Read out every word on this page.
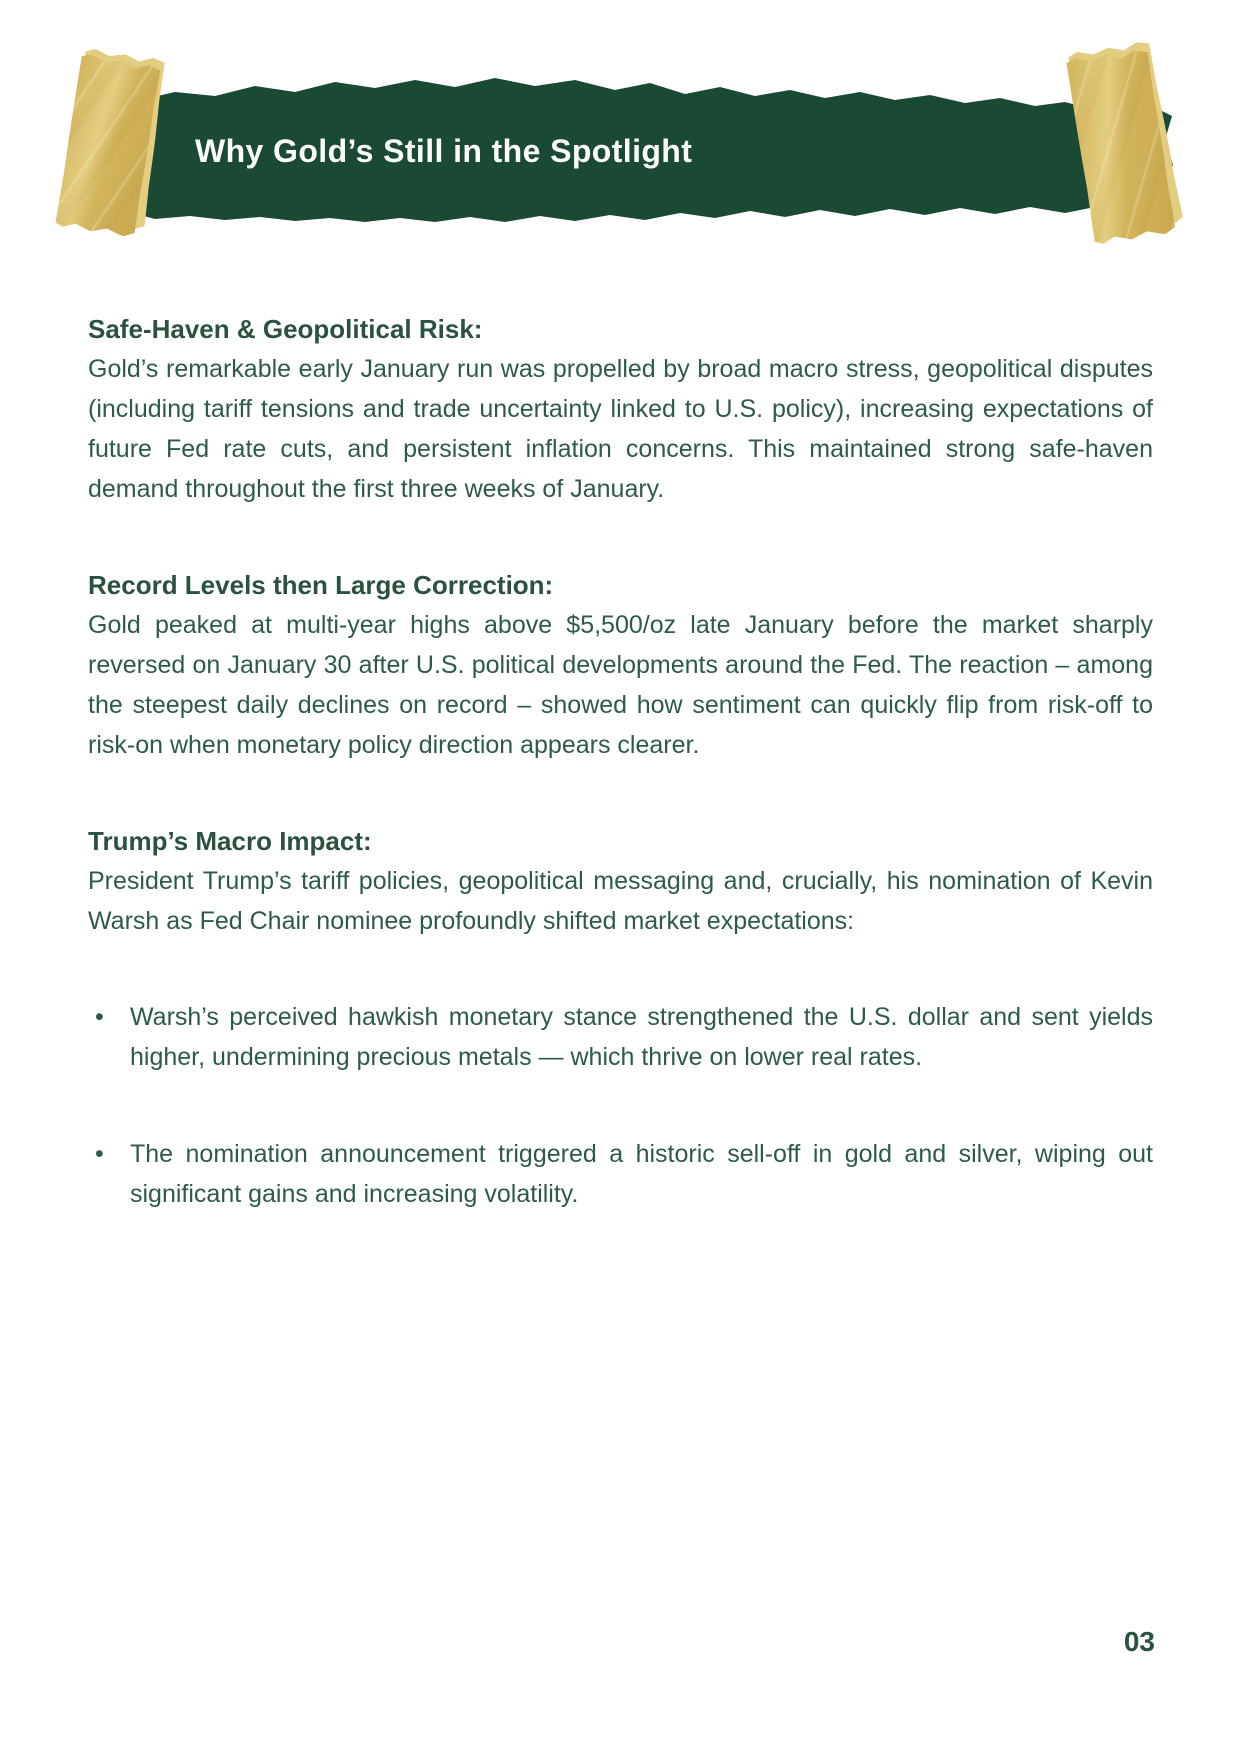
Why Gold’s Still in the Spotlight
Safe-Haven & Geopolitical Risk:

Gold’s remarkable early January run was propelled by broad macro stress, geopolitical disputes (including tariff tensions and trade uncertainty linked to U.S. policy), increasing expectations of future Fed rate cuts, and persistent inflation concerns. This maintained strong safe-haven demand throughout the first three weeks of January.

Record Levels then Large Correction:

Gold peaked at multi-year highs above $5,500/oz late January before the market sharply reversed on January 30 after U.S. political developments around the Fed. The reaction – among the steepest daily declines on record – showed how sentiment can quickly flip from risk-off to risk-on when monetary policy direction appears clearer.

Trump’s Macro Impact:

President Trump’s tariff policies, geopolitical messaging and, crucially, his nomination of Kevin Warsh as Fed Chair nominee profoundly shifted market expectations:

• Warsh’s perceived hawkish monetary stance strengthened the U.S. dollar and sent yields higher, undermining precious metals — which thrive on lower real rates.
• The nomination announcement triggered a historic sell-off in gold and silver, wiping out significant gains and increasing volatility.
03
